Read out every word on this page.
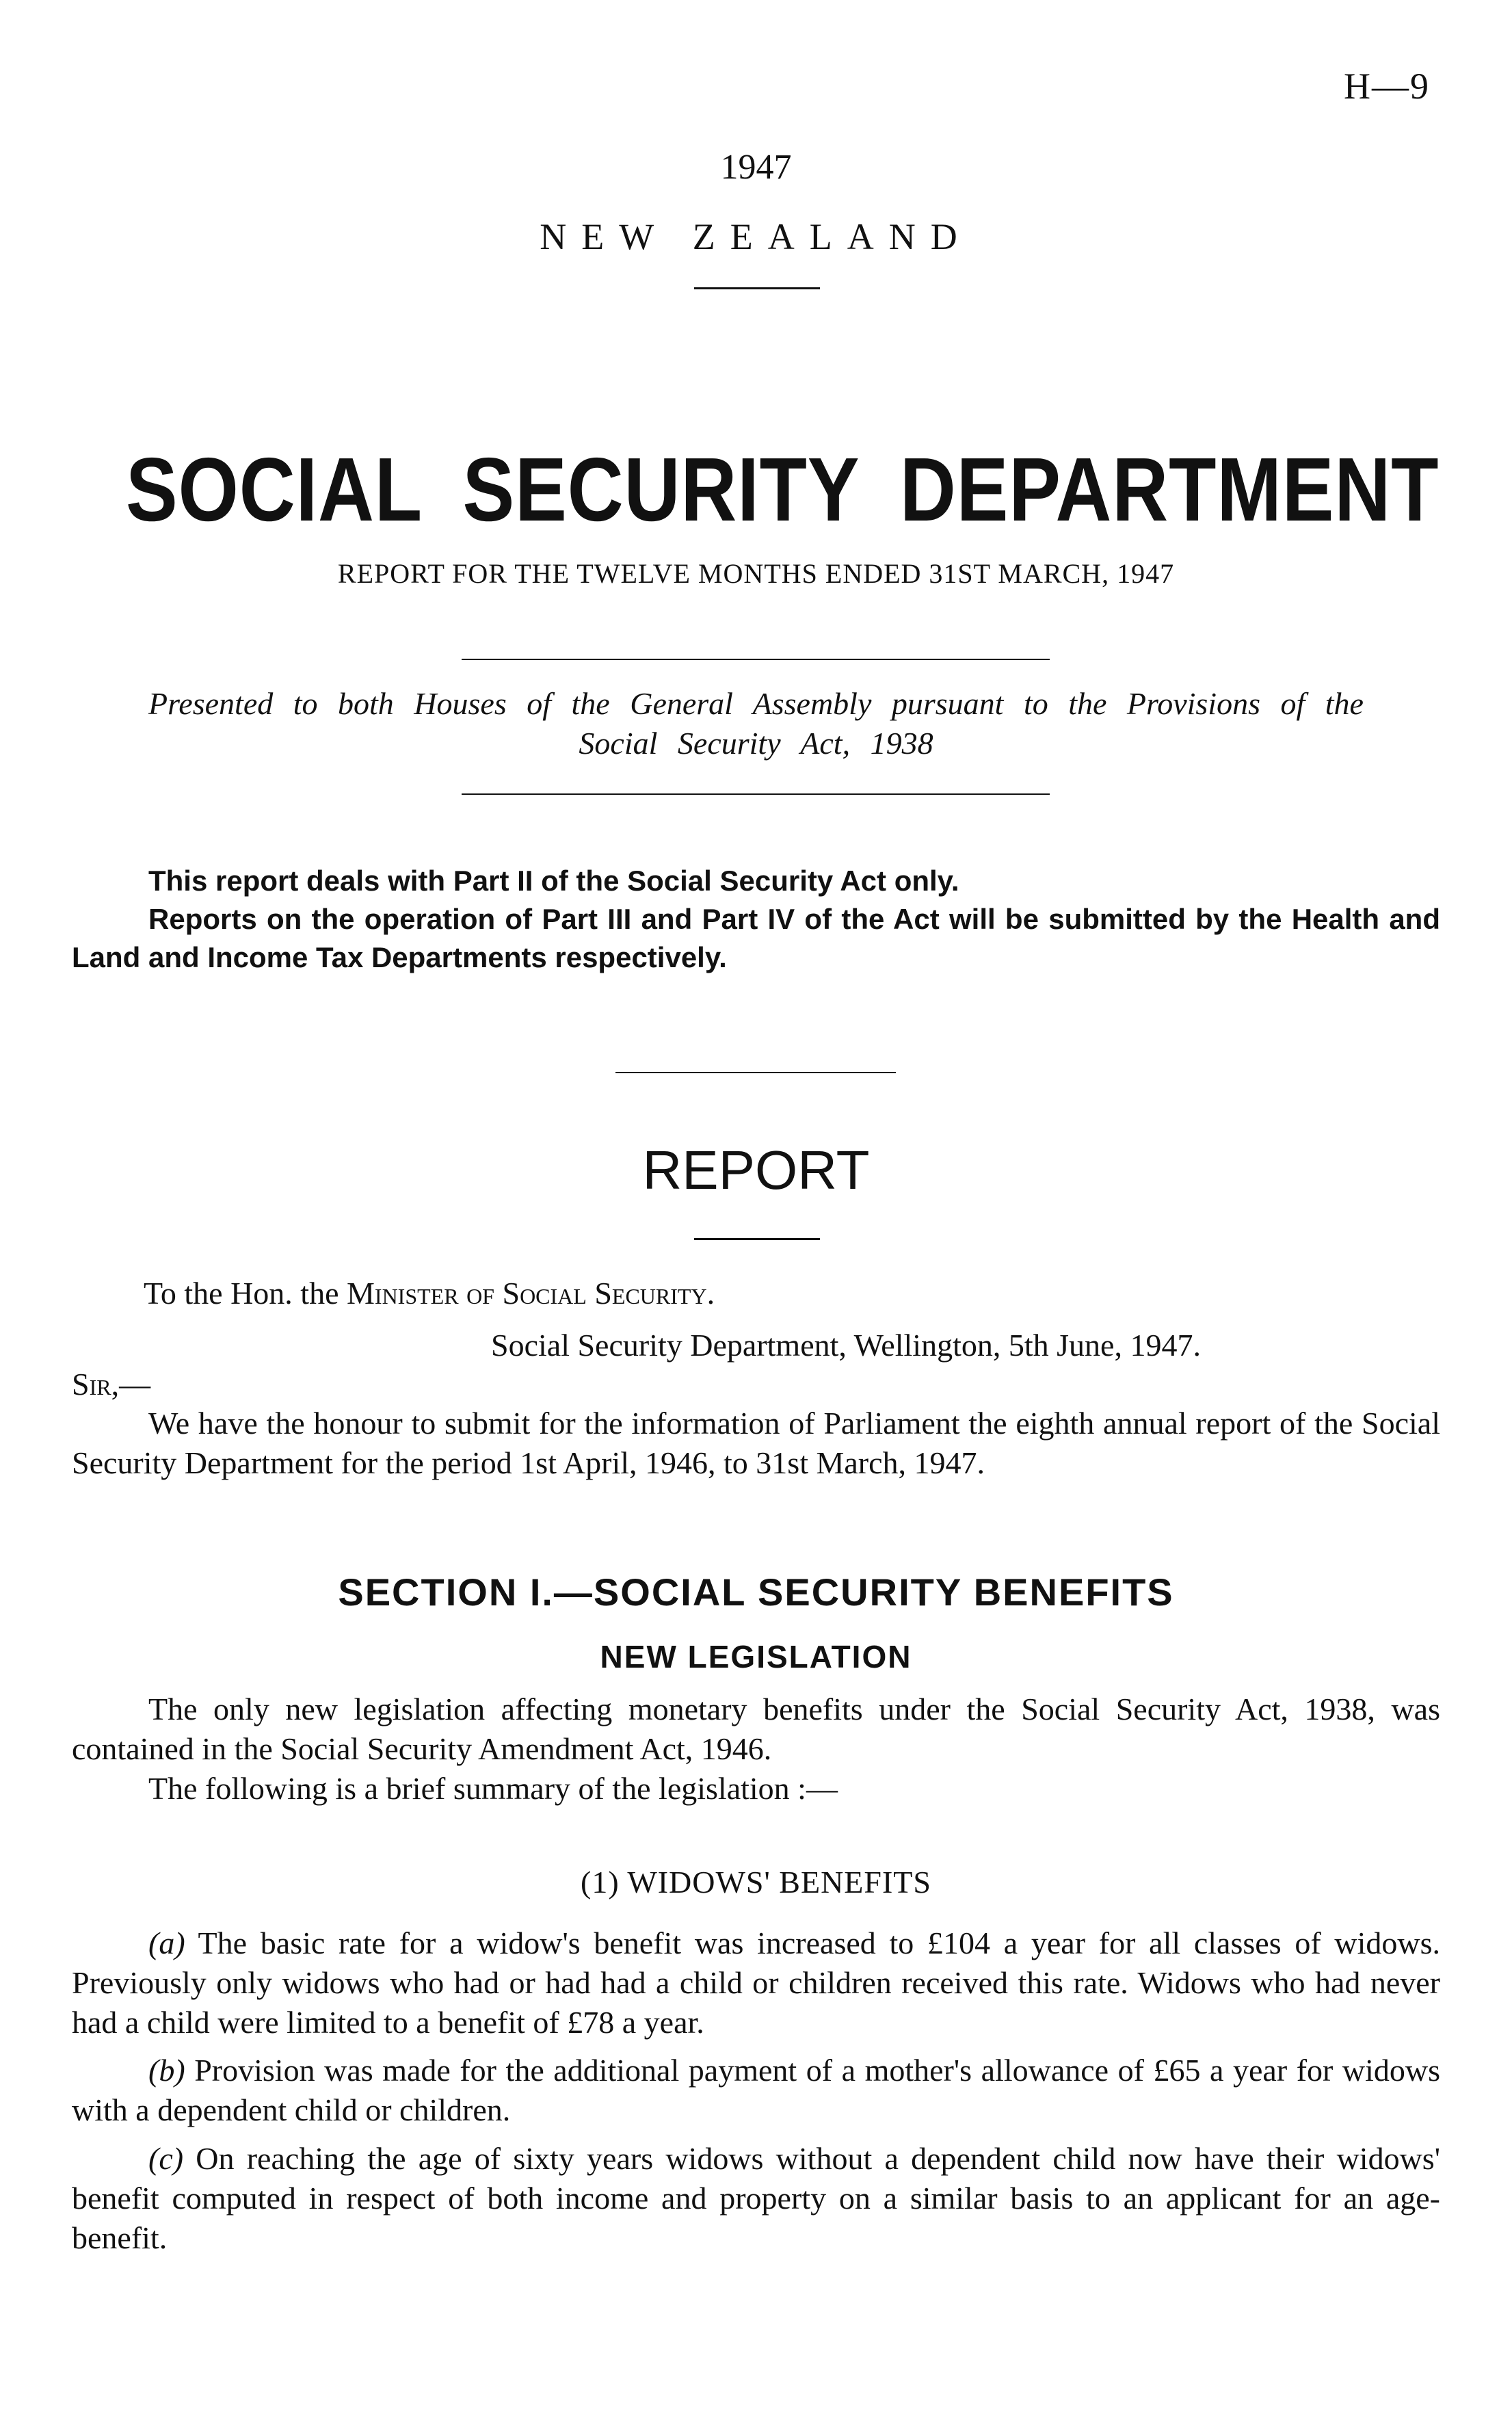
H—9
1947
NEW ZEALAND
SOCIAL SECURITY DEPARTMENT
REPORT FOR THE TWELVE MONTHS ENDED 31ST MARCH, 1947
Presented to both Houses of the General Assembly pursuant to the Provisions of the
Social Security Act, 1938
This report deals with Part II of the Social Security Act only.
Reports on the operation of Part III and Part IV of the Act will be submitted by the Health and Land and Income Tax Departments respectively.
REPORT
To the Hon. the Minister of Social Security.
Social Security Department, Wellington, 5th June, 1947.
Sir,—
We have the honour to submit for the information of Parliament the eighth annual report of the Social Security Department for the period 1st April, 1946, to 31st March, 1947.
SECTION I.—SOCIAL SECURITY BENEFITS
NEW LEGISLATION
The only new legislation affecting monetary benefits under the Social Security Act, 1938, was contained in the Social Security Amendment Act, 1946.
The following is a brief summary of the legislation :—
(1) WIDOWS' BENEFITS
(a) The basic rate for a widow's benefit was increased to £104 a year for all classes of widows. Previously only widows who had or had had a child or children received this rate. Widows who had never had a child were limited to a benefit of £78 a year.
(b) Provision was made for the additional payment of a mother's allowance of £65 a year for widows with a dependent child or children.
(c) On reaching the age of sixty years widows without a dependent child now have their widows' benefit computed in respect of both income and property on a similar basis to an applicant for an age-benefit.
